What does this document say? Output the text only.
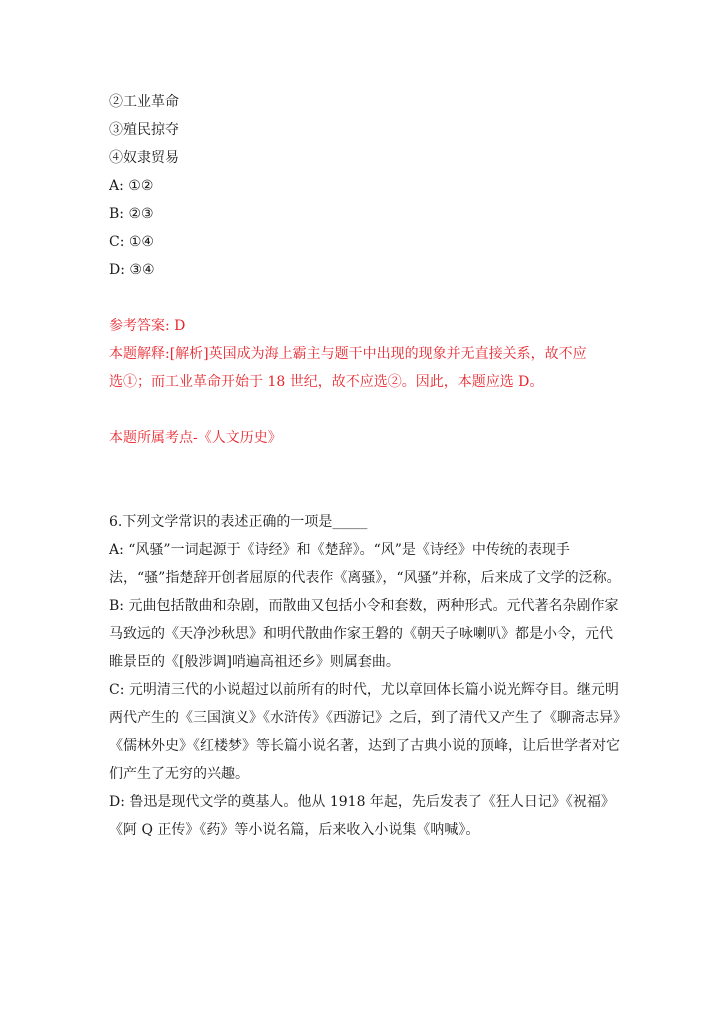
②工业革命
③殖民掠夺
④奴隶贸易
A: ①②
B: ②③
C: ①④
D: ③④
参考答案: D
本题解释:[解析]英国成为海上霸主与题干中出现的现象并无直接关系，故不应
选①；而工业革命开始于 18 世纪，故不应选②。因此，本题应选 D。
本题所属考点-《人文历史》
6.下列文学常识的表述正确的一项是_____
A: “风骚”一词起源于《诗经》和《楚辞》。“风”是《诗经》中传统的表现手法，“骚”指楚辞开创者屈原的代表作《离骚》，“风骚”并称，后来成了文学的泛称。
B: 元曲包括散曲和杂剧，而散曲又包括小令和套数，两种形式。元代著名杂剧作家马致远的《天净沙秋思》和明代散曲作家王磐的《朝天子咏喇叭》都是小令，元代睢景臣的《[般涉调]哨遍高祖还乡》则属套曲。
C: 元明清三代的小说超过以前所有的时代，尤以章回体长篇小说光辉夺目。继元明两代产生的《三国演义》《水浒传》《西游记》之后，到了清代又产生了《聊斋志异》《儒林外史》《红楼梦》等长篇小说名著，达到了古典小说的顶峰，让后世学者对它们产生了无穷的兴趣。
D: 鲁迅是现代文学的奠基人。他从 1918 年起，先后发表了《狂人日记》《祝福》《阿 Q 正传》《药》等小说名篇，后来收入小说集《呐喊》。
